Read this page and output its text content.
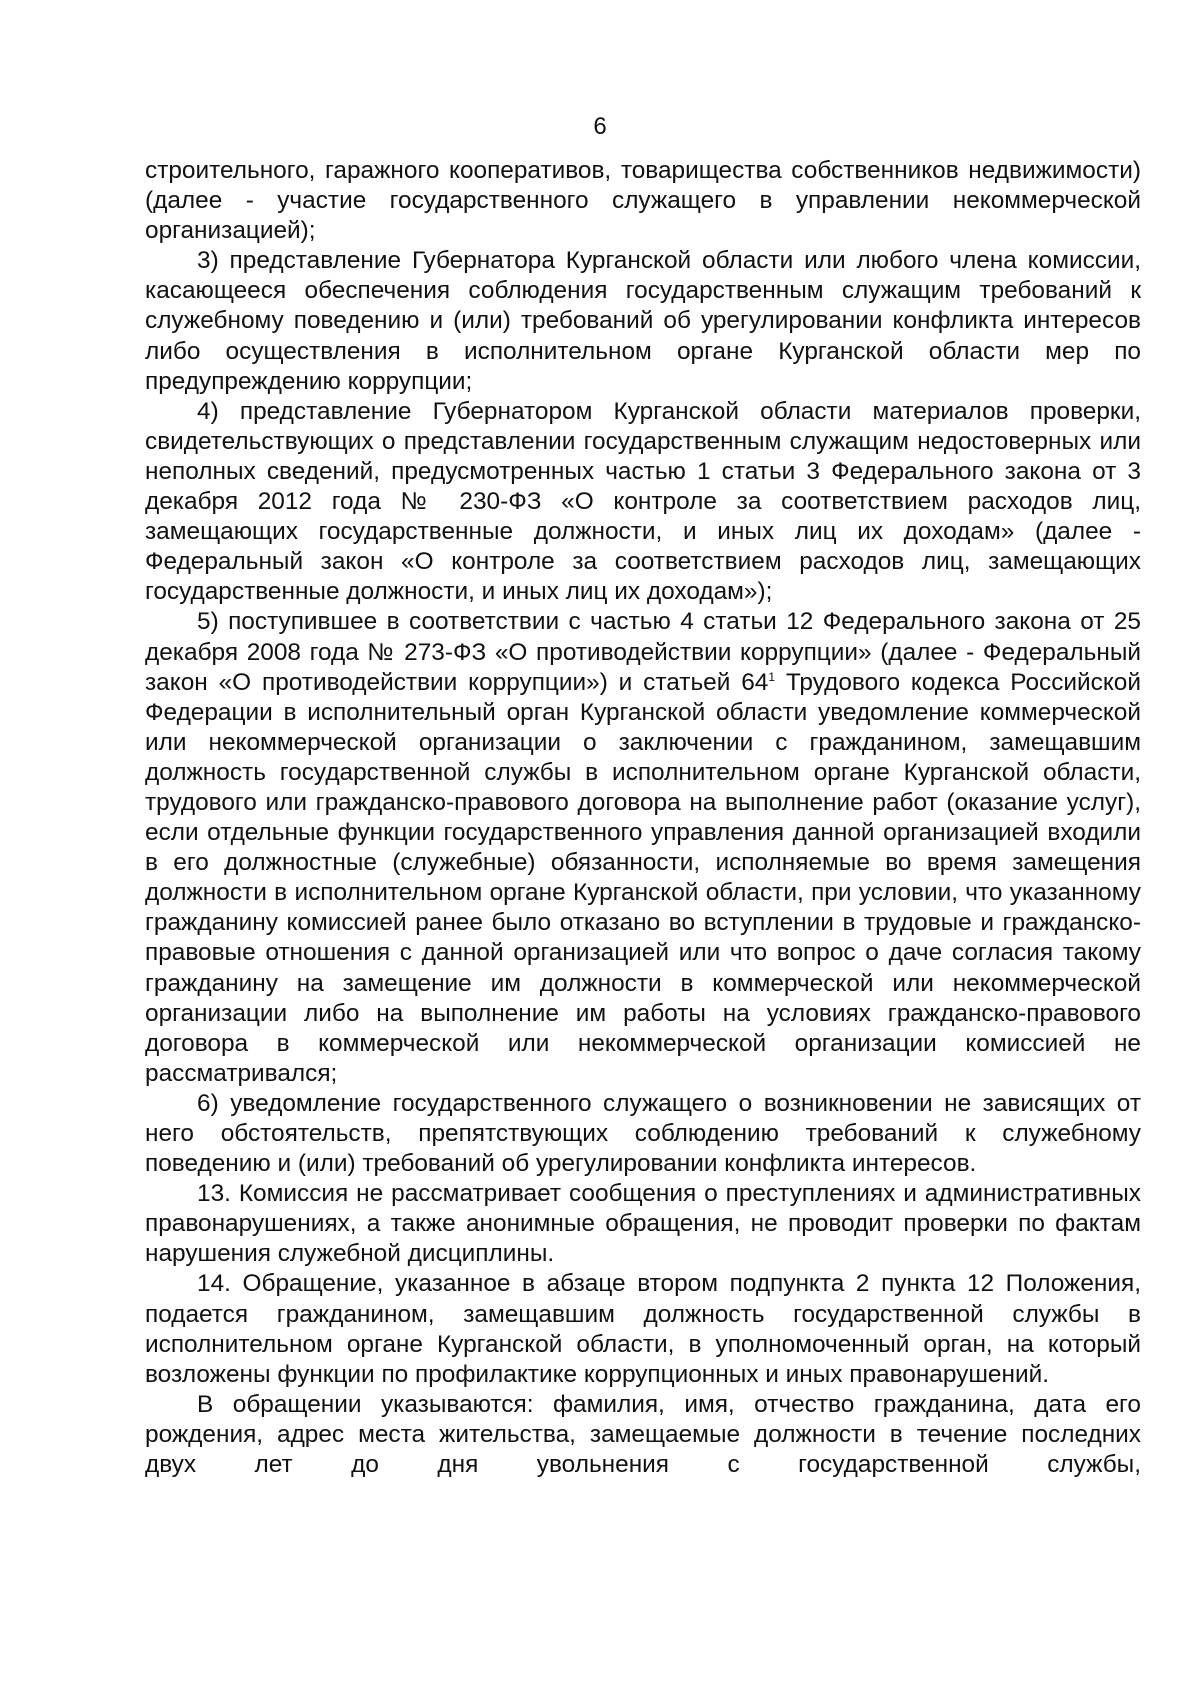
6

строительного, гаражного кооперативов, товарищества собственников недвижимости) (далее - участие государственного служащего в управлении некоммерческой организацией);

3) представление Губернатора Курганской области или любого члена комиссии, касающееся обеспечения соблюдения государственным служащим требований к служебному поведению и (или) требований об урегулировании конфликта интересов либо осуществления в исполнительном органе Курганской области мер по предупреждению коррупции;

4) представление Губернатором Курганской области материалов проверки, свидетельствующих о представлении государственным служащим недостоверных или неполных сведений, предусмотренных частью 1 статьи 3 Федерального закона от 3 декабря 2012 года № 230-ФЗ «О контроле за соответствием расходов лиц, замещающих государственные должности, и иных лиц их доходам» (далее - Федеральный закон «О контроле за соответствием расходов лиц, замещающих государственные должности, и иных лиц их доходам»);

5) поступившее в соответствии с частью 4 статьи 12 Федерального закона от 25 декабря 2008 года № 273-ФЗ «О противодействии коррупции» (далее - Федеральный закон «О противодействии коррупции») и статьей $64^1$ Трудового кодекса Российской Федерации в исполнительный орган Курганской области уведомление коммерческой или некоммерческой организации о заключении с гражданином, замещавшим должность государственной службы в исполнительном органе Курганской области, трудового или гражданско-правового договора на выполнение работ (оказание услуг), если отдельные функции государственного управления данной организацией входили в его должностные (служебные) обязанности, исполняемые во время замещения должности в исполнительном органе Курганской области, при условии, что указанному гражданину комиссией ранее было отказано во вступлении в трудовые и гражданско-правовые отношения с данной организацией или что вопрос о даче согласия такому гражданину на замещение им должности в коммерческой или некоммерческой организации либо на выполнение им работы на условиях гражданско-правового договора в коммерческой или некоммерческой организации комиссией не рассматривался;

6) уведомление государственного служащего о возникновении не зависящих от него обстоятельств, препятствующих соблюдению требований к служебному поведению и (или) требований об урегулировании конфликта интересов.

13. Комиссия не рассматривает сообщения о преступлениях и административных правонарушениях, а также анонимные обращения, не проводит проверки по фактам нарушения служебной дисциплины.

14. Обращение, указанное в абзаце втором подпункта 2 пункта 12 Положения, подается гражданином, замещавшим должность государственной службы в исполнительном органе Курганской области, в уполномоченный орган, на который возложены функции по профилактике коррупционных и иных правонарушений.

В обращении указываются: фамилия, имя, отчество гражданина, дата его рождения, адрес места жительства, замещаемые должности в течение последних двух лет до дня увольнения с государственной службы,
